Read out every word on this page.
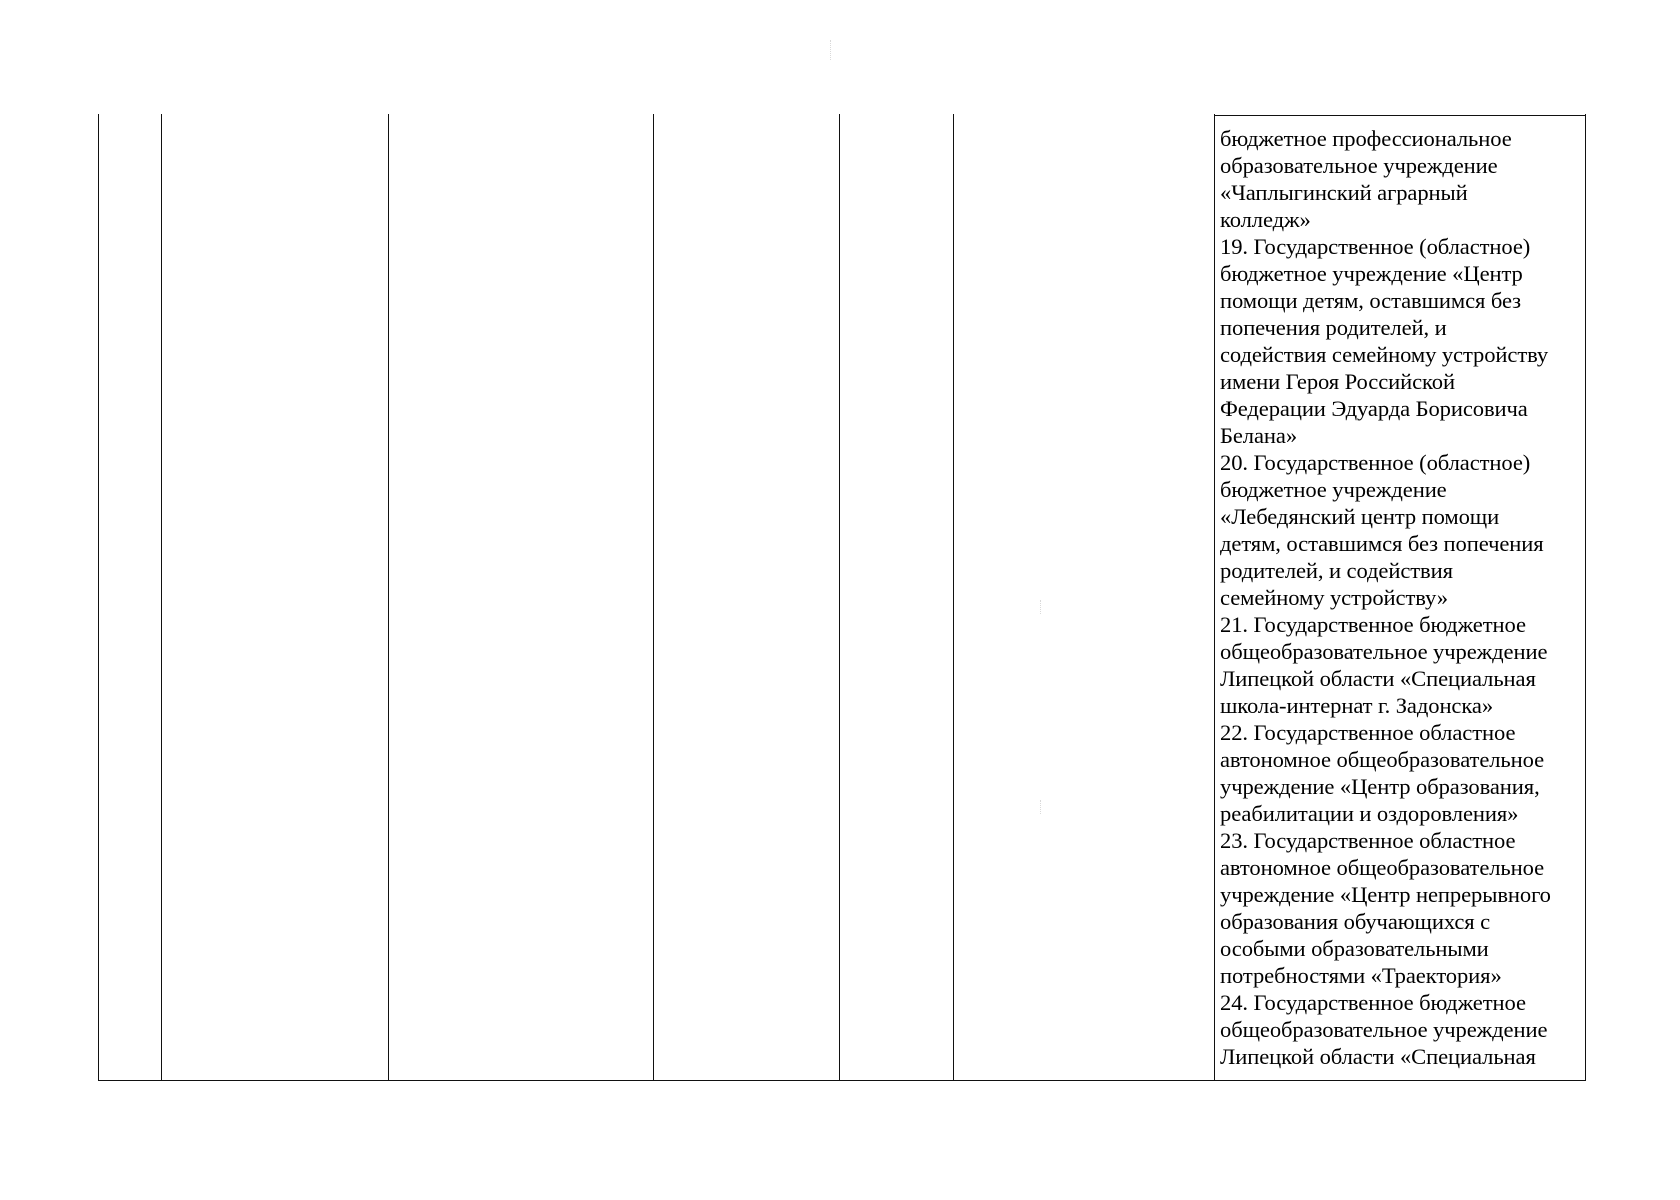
бюджетное профессиональное
образовательное учреждение
«Чаплыгинский аграрный
колледж»
19. Государственное (областное)
бюджетное учреждение «Центр
помощи детям, оставшимся без
попечения родителей, и
содействия семейному устройству
имени Героя Российской
Федерации Эдуарда Борисовича
Белана»
20. Государственное (областное)
бюджетное учреждение
«Лебедянский центр помощи
детям, оставшимся без попечения
родителей, и содействия
семейному устройству»
21. Государственное бюджетное
общеобразовательное учреждение
Липецкой области «Специальная
школа-интернат г. Задонска»
22. Государственное областное
автономное общеобразовательное
учреждение «Центр образования,
реабилитации и оздоровления»
23. Государственное областное
автономное общеобразовательное
учреждение «Центр непрерывного
образования обучающихся с
особыми образовательными
потребностями «Траектория»
24. Государственное бюджетное
общеобразовательное учреждение
Липецкой области «Специальная
